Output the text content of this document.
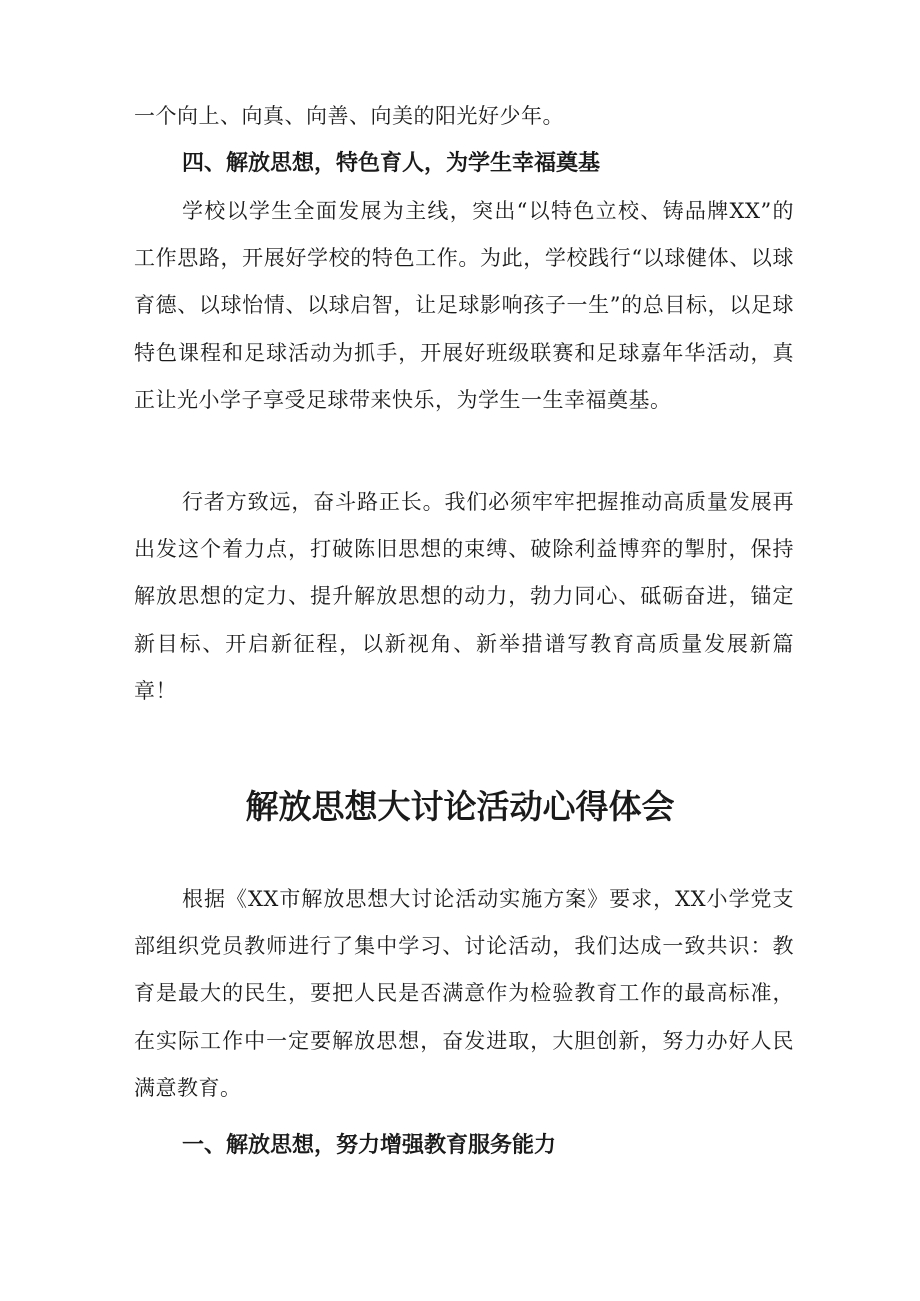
一个向上、向真、向善、向美的阳光好少年。

四、解放思想，特色育人，为学生幸福奠基

学校以学生全面发展为主线，突出“以特色立校、铸品牌XX”的工作思路，开展好学校的特色工作。为此，学校践行“以球健体、以球育德、以球怡情、以球启智，让足球影响孩子一生”的总目标，以足球特色课程和足球活动为抓手，开展好班级联赛和足球嘉年华活动，真正让光小学子享受足球带来快乐，为学生一生幸福奠基。

行者方致远，奋斗路正长。我们必须牢牢把握推动高质量发展再出发这个着力点，打破陈旧思想的束缚、破除利益博弈的掣肘，保持解放思想的定力、提升解放思想的动力，勃力同心、砥砺奋进，锚定新目标、开启新征程，以新视角、新举措谱写教育高质量发展新篇章！

解放思想大讨论活动心得体会

根据《XX市解放思想大讨论活动实施方案》要求，XX小学党支部组织党员教师进行了集中学习、讨论活动，我们达成一致共识：教育是最大的民生，要把人民是否满意作为检验教育工作的最高标准，在实际工作中一定要解放思想，奋发进取，大胆创新，努力办好人民满意教育。

一、解放思想，努力增强教育服务能力
